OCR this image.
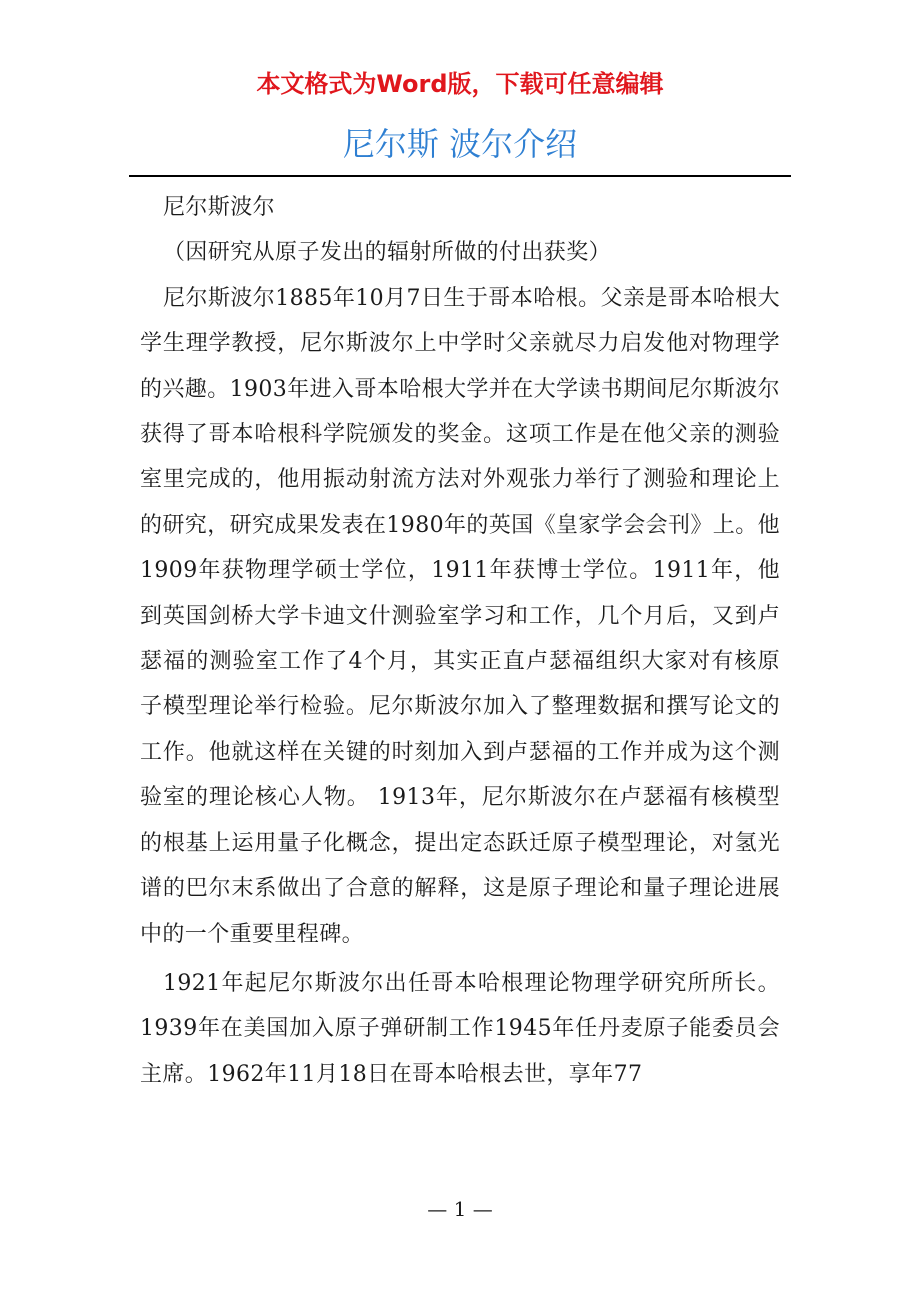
本文格式为Word版，下载可任意编辑
尼尔斯 波尔介绍

尼尔斯波尔

（因研究从原子发出的辐射所做的付出获奖）

尼尔斯波尔1885年10月7日生于哥本哈根。父亲是哥本哈根大学生理学教授，尼尔斯波尔上中学时父亲就尽力启发他对物理学的兴趣。1903年进入哥本哈根大学并在大学读书期间尼尔斯波尔获得了哥本哈根科学院颁发的奖金。这项工作是在他父亲的测验室里完成的，他用振动射流方法对外观张力举行了测验和理论上的研究，研究成果发表在1980年的英国《皇家学会会刊》上。他1909年获物理学硕士学位，1911年获博士学位。1911年，他到英国剑桥大学卡迪文什测验室学习和工作，几个月后，又到卢瑟福的测验室工作了4个月，其实正直卢瑟福组织大家对有核原子模型理论举行检验。尼尔斯波尔加入了整理数据和撰写论文的工作。他就这样在关键的时刻加入到卢瑟福的工作并成为这个测验室的理论核心人物。 1913年，尼尔斯波尔在卢瑟福有核模型的根基上运用量子化概念，提出定态跃迁原子模型理论，对氢光谱的巴尔末系做出了合意的解释，这是原子理论和量子理论进展中的一个重要里程碑。

1921年起尼尔斯波尔出任哥本哈根理论物理学研究所所长。1939年在美国加入原子弹研制工作1945年任丹麦原子能委员会主席。1962年11月18日在哥本哈根去世，享年77

— 1 —
